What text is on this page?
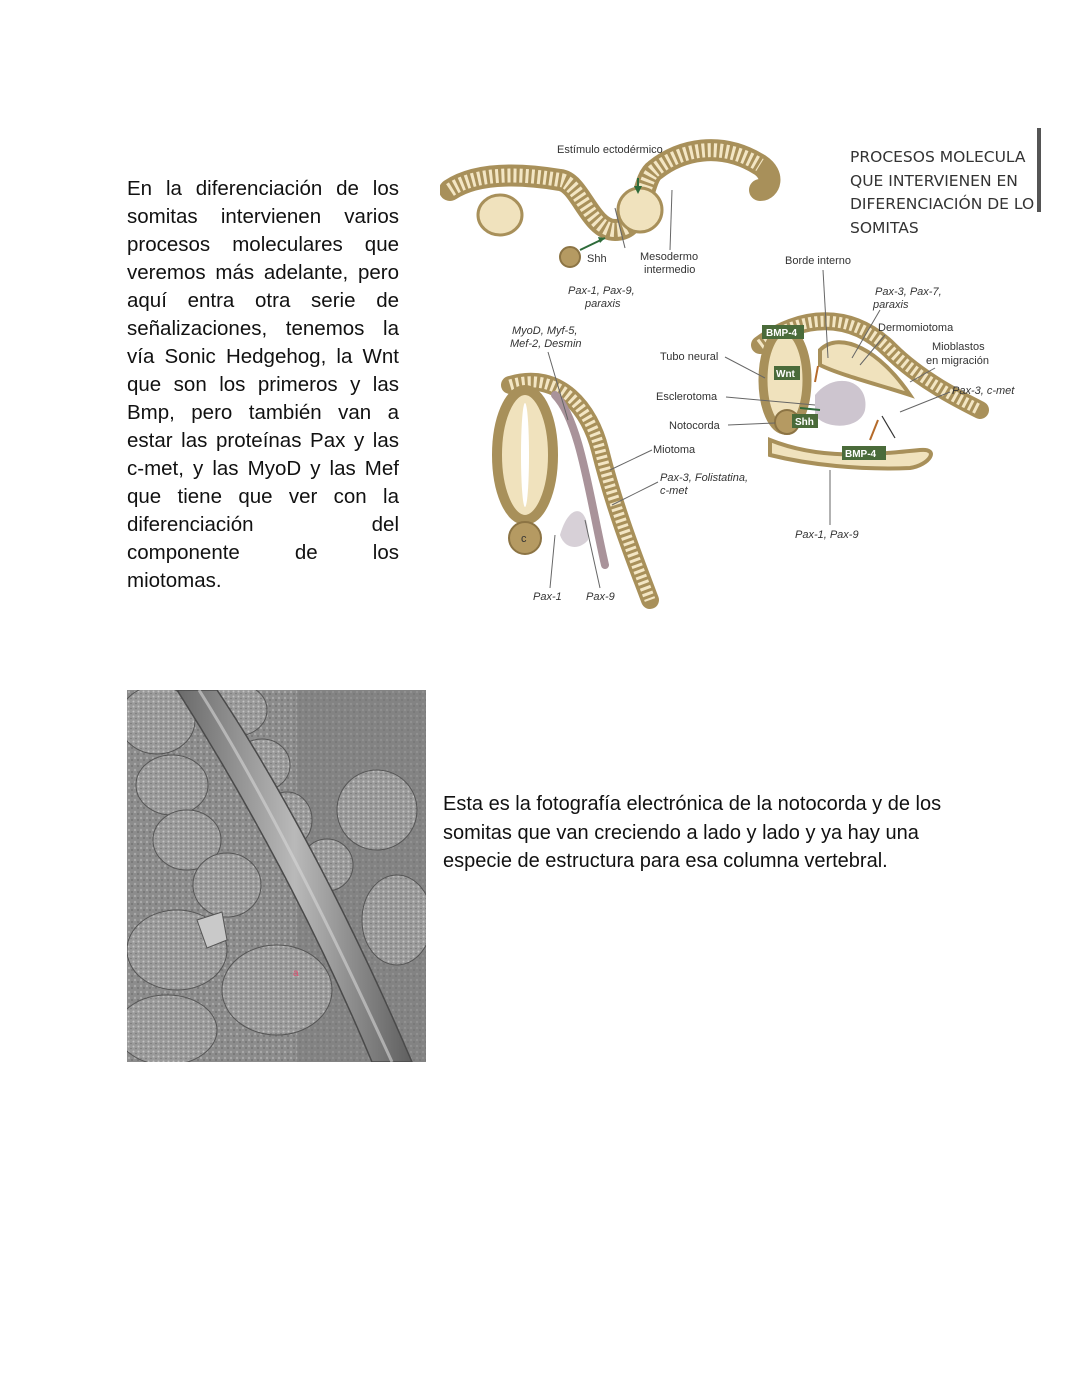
En la diferenciación de los somitas intervienen varios procesos moleculares que veremos más adelante, pero aquí entra otra serie de señalizaciones, tenemos la vía Sonic Hedgehog, la Wnt que son los primeros y las Bmp, pero también van a estar las proteínas Pax y las c-met, y las MyoD y las Mef que tiene que ver con la diferenciación del componente de los miotomas.

Estímulo ectodérmico
Shh	Mesodermo
intermedio
Pax-1, Pax-9,
paraxis
c
Pax-1 Pax-9
MyoD, Myf-5,
Mef-2, Desmin
BMP-4
Wnt
Shh
SF
BMP-4
Borde interno
Pax-3, Pax-7,
paraxis
Dermomiotoma
Mioblastos
en migración
Pax-3, c-met
Tubo neural
Esclerotoma
Notocorda
Miotoma
Pax-3, Folistatina,
c-met
Pax-1, Pax-9
PROCESOS MOLECULA
QUE INTERVIENEN EN
DIFERENCIACIÓN DE LO
SOMITAS
a

Esta es la fotografía electrónica de la notocorda y de los somitas que van creciendo a lado y lado y ya hay una especie de estructura para esa columna vertebral.
